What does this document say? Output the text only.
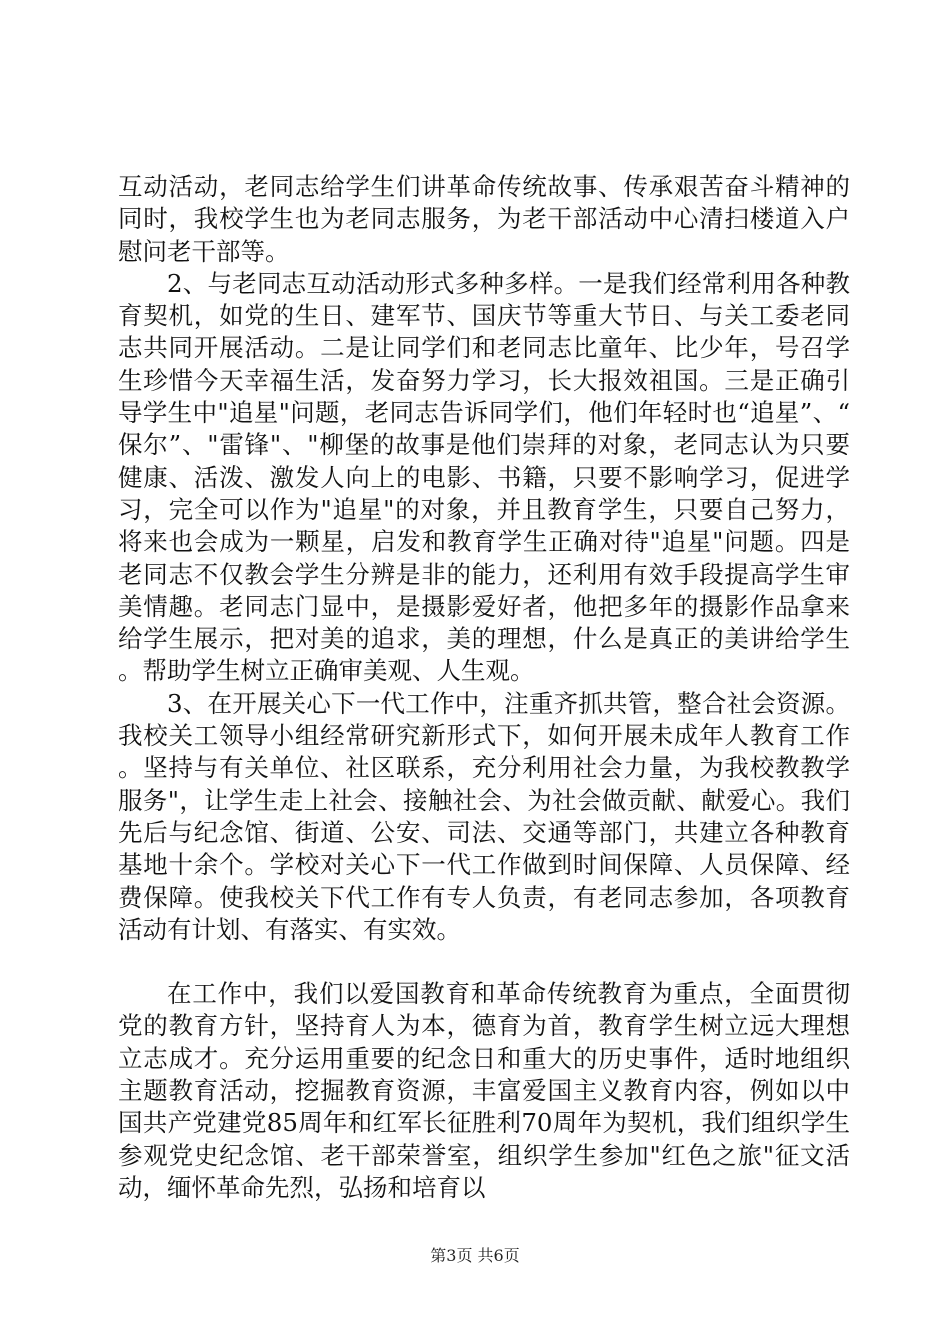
互动活动，老同志给学生们讲革命传统故事、传承艰苦奋斗精神的同时，我校学生也为老同志服务，为老干部活动中心清扫楼道入户慰问老干部等。

2、与老同志互动活动形式多种多样。一是我们经常利用各种教育契机，如党的生日、建军节、国庆节等重大节日、与关工委老同志共同开展活动。二是让同学们和老同志比童年、比少年，号召学生珍惜今天幸福生活，发奋努力学习，长大报效祖国。三是正确引导学生中"追星"问题，老同志告诉同学们，他们年轻时也“追星”、“保尔”、"雷锋"、"柳堡的故事是他们崇拜的对象，老同志认为只要健康、活泼、激发人向上的电影、书籍，只要不影响学习，促进学习，完全可以作为"追星"的对象，并且教育学生，只要自己努力，将来也会成为一颗星，启发和教育学生正确对待"追星"问题。四是老同志不仅教会学生分辨是非的能力，还利用有效手段提高学生审美情趣。老同志门显中，是摄影爱好者，他把多年的摄影作品拿来给学生展示，把对美的追求，美的理想，什么是真正的美讲给学生。帮助学生树立正确审美观、人生观。

3、在开展关心下一代工作中，注重齐抓共管，整合社会资源。我校关工领导小组经常研究新形式下，如何开展未成年人教育工作。坚持与有关单位、社区联系，充分利用社会力量，为我校教教学服务"，让学生走上社会、接触社会、为社会做贡献、献爱心。我们先后与纪念馆、街道、公安、司法、交通等部门，共建立各种教育基地十余个。学校对关心下一代工作做到时间保障、人员保障、经费保障。使我校关下代工作有专人负责，有老同志参加，各项教育活动有计划、有落实、有实效。

在工作中，我们以爱国教育和革命传统教育为重点，全面贯彻党的教育方针，坚持育人为本，德育为首，教育学生树立远大理想立志成才。充分运用重要的纪念日和重大的历史事件，适时地组织主题教育活动，挖掘教育资源，丰富爱国主义教育内容，例如以中国共产党建党85周年和红军长征胜利70周年为契机，我们组织学生参观党史纪念馆、老干部荣誉室，组织学生参加"红色之旅"征文活动，缅怀革命先烈，弘扬和培育以

第3页 共6页
